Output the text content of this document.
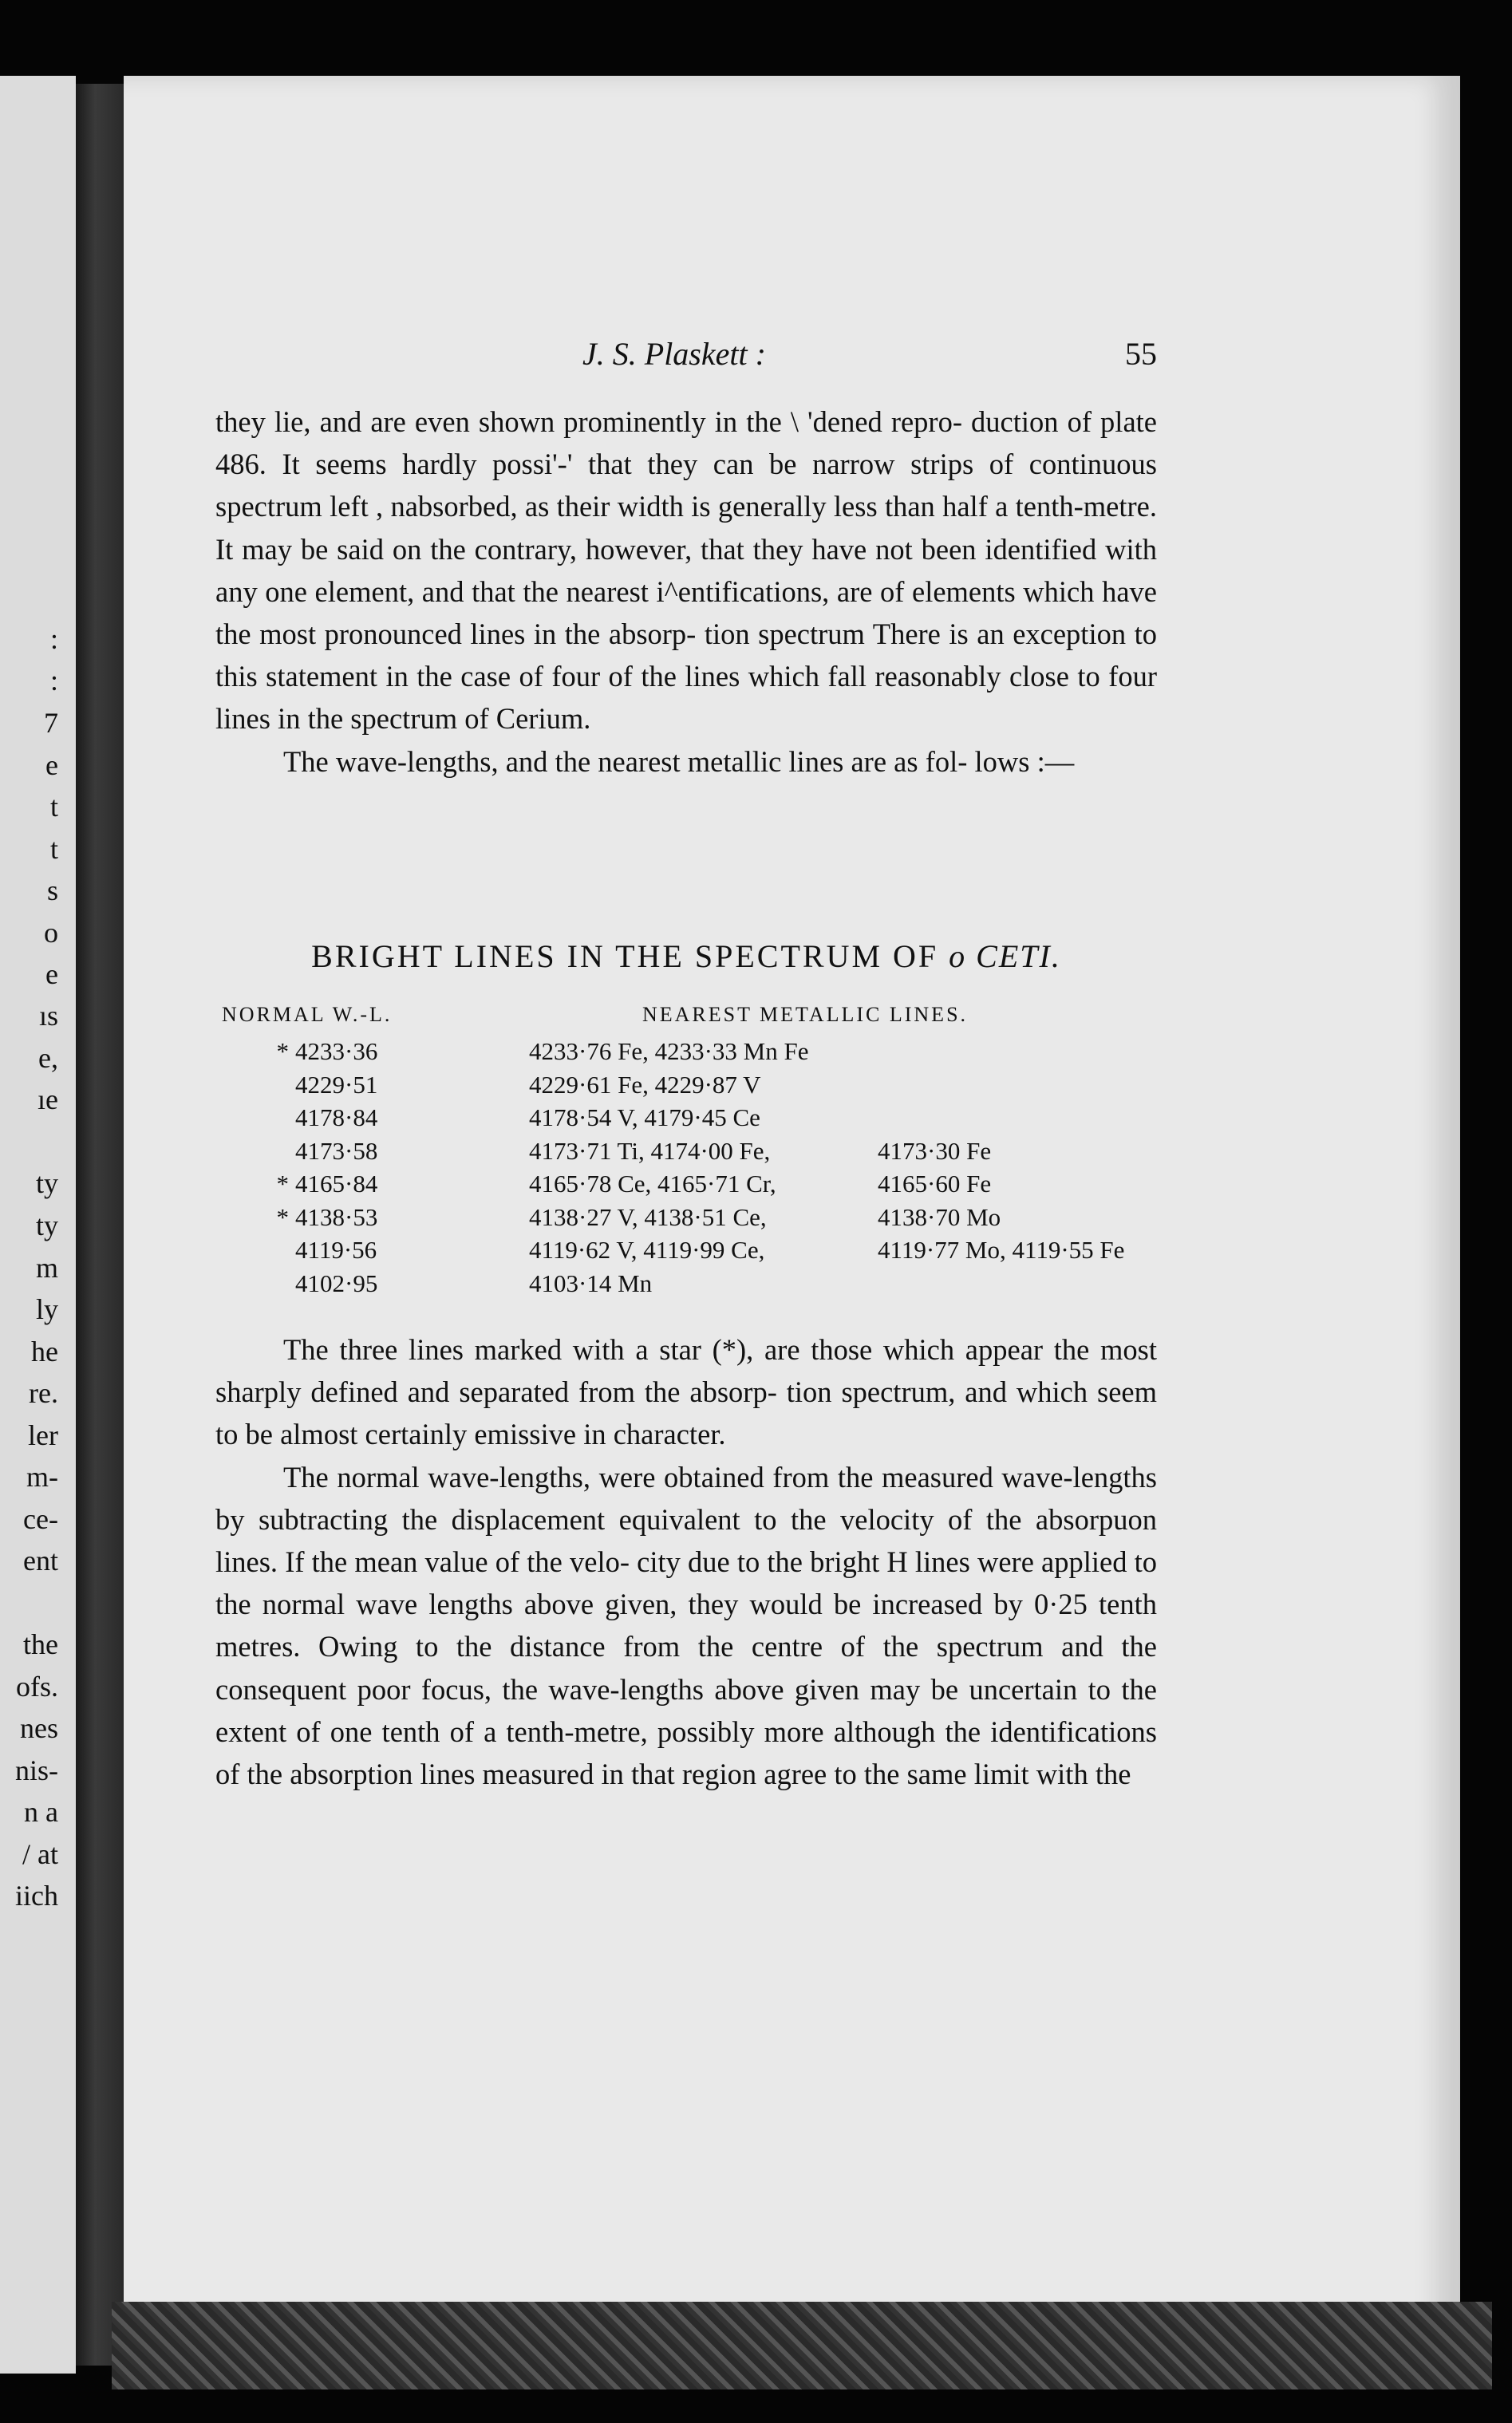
:
:
7
e
t
t
s
o
e
ıs
e,
ıe
ty
ty
m
ly
he
re.
ler
m-
ce-
ent
the
ofs.
nes
nis-
n a
/ at
iich
J. S. Plaskett :	55

they lie, and are even shown prominently in the \ 'dened repro- duction of plate 486. It seems hardly possi'-' that they can be narrow strips of continuous spectrum left , nabsorbed, as their width is generally less than half a tenth-metre. It may be said on the contrary, however, that they have not been identified with any one element, and that the nearest i^entifications, are of elements which have the most pronounced lines in the absorp- tion spectrum There is an exception to this statement in the case of four of the lines which fall reasonably close to four lines in the spectrum of Cerium.

The wave-lengths, and the nearest metallic lines are as fol- lows :—

BRIGHT LINES IN THE SPECTRUM OF o CETI.
NORMAL W.-L.	NEAREST METALLIC LINES.
* 4233·36	4233·76 Fe, 4233·33 Mn Fe
4229·51	4229·61 Fe, 4229·87 V
4178·84	4178·54 V, 4179·45 Ce
4173·58	4173·71 Ti, 4174·00 Fe,	4173·30 Fe
* 4165·84	4165·78 Ce, 4165·71 Cr,	4165·60 Fe
* 4138·53	4138·27 V, 4138·51 Ce,	4138·70 Mo
4119·56	4119·62 V, 4119·99 Ce,	4119·77 Mo, 4119·55 Fe
4102·95	4103·14 Mn

The three lines marked with a star (*), are those which appear the most sharply defined and separated from the absorp- tion spectrum, and which seem to be almost certainly emissive in character.

The normal wave-lengths, were obtained from the measured wave-lengths by subtracting the displacement equivalent to the velocity of the absorpuon lines. If the mean value of the velo- city due to the bright H lines were applied to the normal wave lengths above given, they would be increased by 0·25 tenth metres. Owing to the distance from the centre of the spectrum and the consequent poor focus, the wave-lengths above given may be uncertain to the extent of one tenth of a tenth-metre, possibly more although the identifications of the absorption lines measured in that region agree to the same limit with the
